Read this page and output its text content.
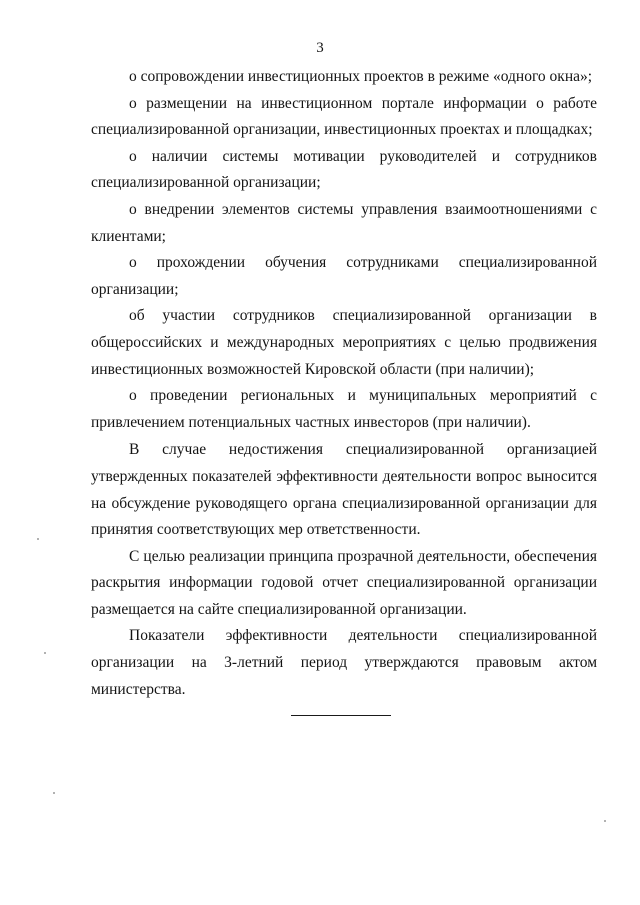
3

о сопровождении инвестиционных проектов в режиме «одного окна»;

о размещении на инвестиционном портале информации о работе специализированной организации, инвестиционных проектах и площадках;

о наличии системы мотивации руководителей и сотрудников специализированной организации;

о внедрении элементов системы управления взаимоотношениями с клиентами;

о прохождении обучения сотрудниками специализированной организации;

об участии сотрудников специализированной организации в общероссийских и международных мероприятиях с целью продвижения инвестиционных возможностей Кировской области (при наличии);

о проведении региональных и муниципальных мероприятий с привлечением потенциальных частных инвесторов (при наличии).

В случае недостижения специализированной организацией утвержденных показателей эффективности деятельности вопрос выносится на обсуждение руководящего органа специализированной организации для принятия соответствующих мер ответственности.

С целью реализации принципа прозрачной деятельности, обеспечения раскрытия информации годовой отчет специализированной организации размещается на сайте специализированной организации.

Показатели эффективности деятельности специализированной организации на 3-летний период утверждаются правовым актом министерства.
